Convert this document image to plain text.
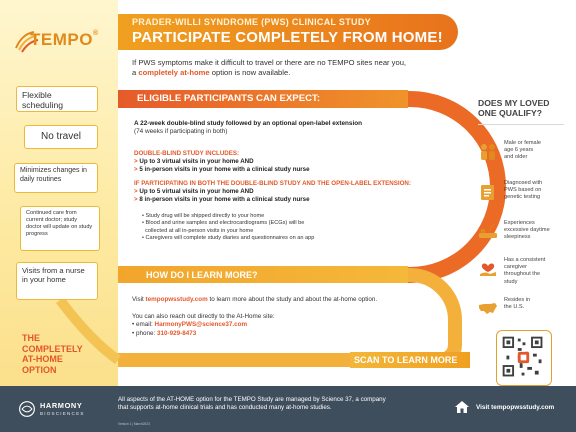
TEMPO®
PRADER-WILLI SYNDROME (PWS) CLINICAL STUDY
PARTICIPATE COMPLETELY FROM HOME!
If PWS symptoms make it difficult to travel or there are no TEMPO sites near you,
a completely at-home option is now available.
Flexible scheduling
No travel
Minimizes changes in daily routines
Continued care from current doctor; study doctor will update on study progress
Visits from a nurse in your home
THE
COMPLETELY
AT-HOME
OPTION
ELIGIBLE PARTICIPANTS CAN EXPECT:
A 22-week double-blind study followed by an optional open-label extension
(74 weeks if participating in both)
DOUBLE-BLIND STUDY INCLUDES:
> Up to 3 virtual visits in your home AND
> 5 in-person visits in your home with a clinical study nurse
IF PARTICIPATING IN BOTH THE DOUBLE-BLIND STUDY AND THE OPEN-LABEL EXTENSION:
> Up to 5 virtual visits in your home AND
> 8 in-person visits in your home with a clinical study nurse
• Study drug will be shipped directly to your home
• Blood and urine samples and electrocardiograms (ECGs) will be
collected at all in-person visits in your home
• Caregivers will complete study diaries and questionnaires on an app
HOW DO I LEARN MORE?
Visit tempopwsstudy.com to learn more about the study and about the at-home option.

You can also reach out directly to the At-Home site:
• email: HarmonyPWS@science37.com
• phone: 310-929-8473
SCAN TO LEARN MORE
DOES MY LOVED
ONE QUALIFY?
Male or female
age 6 years
and older
Diagnosed with
PWS based on
genetic testing
z z Experiences
excessive daytime
sleepiness
Has a consistent
caregiver
throughout the
study
Resides in
the U.S.
HARMONY
BIOSCIENCES
All aspects of the AT-HOME option for the TEMPO Study are managed by Science 37, a company
that supports at-home clinical trials and has conducted many at-home studies.
Version 1 | March2023
Visit tempopwsstudy.com
